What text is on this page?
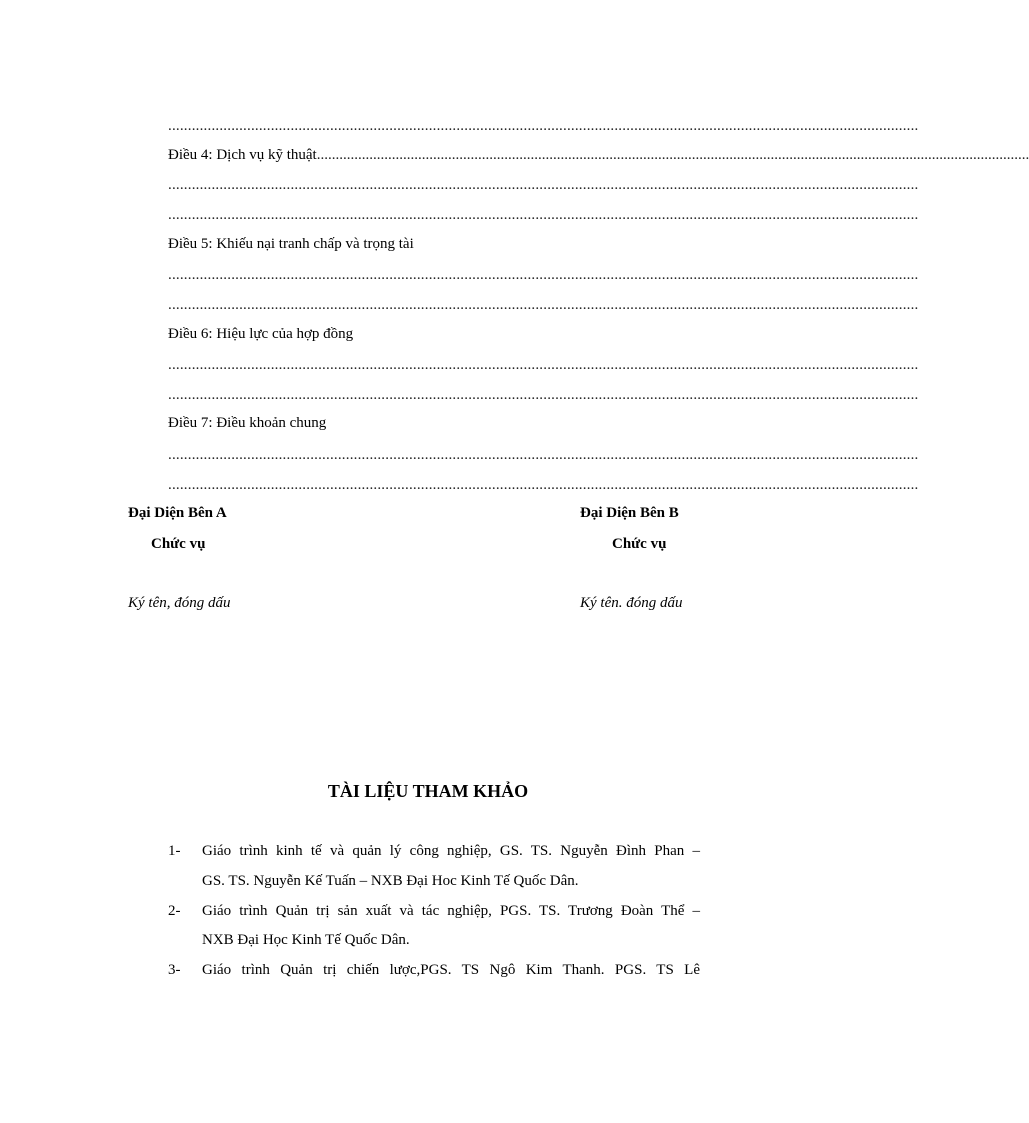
..............................................................................................................................................................................................
Điều 4: Dịch vụ kỹ thuật..............................................................................................................................................................................................
..............................................................................................................................................................................................
..............................................................................................................................................................................................
Điều 5: Khiếu nại tranh chấp và trọng tài
..............................................................................................................................................................................................
..............................................................................................................................................................................................
Điều 6: Hiệu lực của hợp đồng
..............................................................................................................................................................................................
..............................................................................................................................................................................................
Điều 7: Điều khoản chung
..............................................................................................................................................................................................
..............................................................................................................................................................................................
Đại Diện Bên A	Đại Diện Bên B
Chức vụ	Chức vụ
Ký tên, đóng dấu	Ký tên. đóng dấu
TÀI LIỆU THAM KHẢO
1- Giáo trình kinh tế và quản lý công nghiệp, GS. TS. Nguyễn Đình Phan –
GS. TS. Nguyễn Kế Tuấn – NXB Đại Hoc Kinh Tế Quốc Dân.
2- Giáo trình Quản trị sản xuất và tác nghiệp, PGS. TS. Trương Đoàn Thể –
NXB Đại Học Kinh Tế Quốc Dân.
3- Giáo trình Quản trị chiến lược,PGS. TS Ngô Kim Thanh. PGS. TS Lê
